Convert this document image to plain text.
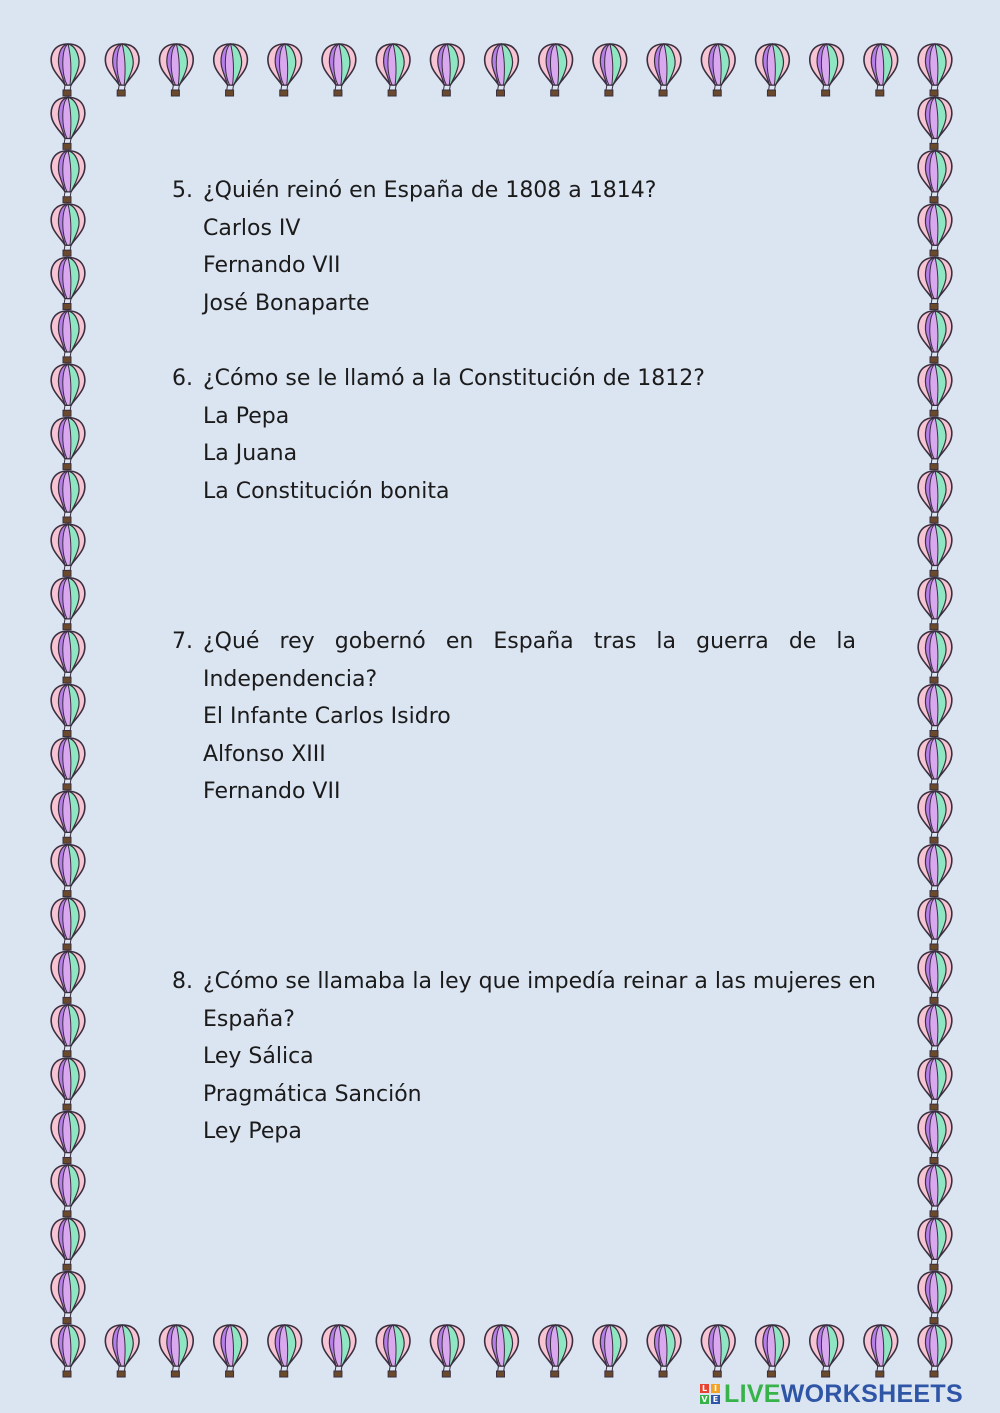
5. ¿Quién reinó en España de 1808 a 1814?
Carlos IV
Fernando VII
José Bonaparte
6. ¿Cómo se le llamó a la Constitución de 1812?
La Pepa
La Juana
La Constitución bonita
7. ¿Qué rey gobernó en España tras la guerra de la
Independencia?
El Infante Carlos Isidro
Alfonso XIII
Fernando VII
8. ¿Cómo se llamaba la ley que impedía reinar a las mujeres en
España?
Ley Sálica
Pragmática Sanción
Ley Pepa
L I
V E LIVE WORKSHEETS
